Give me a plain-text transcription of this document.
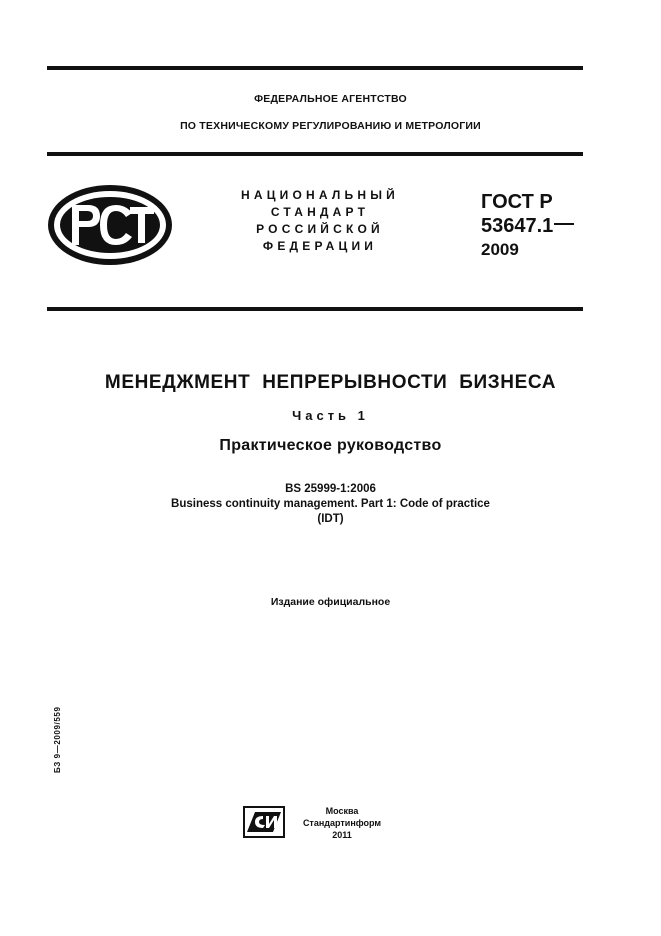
ФЕДЕРАЛЬНОЕ АГЕНТСТВО
ПО ТЕХНИЧЕСКОМУ РЕГУЛИРОВАНИЮ И МЕТРОЛОГИИ
НАЦИОНАЛЬНЫЙ
СТАНДАРТ
РОССИЙСКОЙ
ФЕДЕРАЦИИ
ГОСТ Р
53647.1
2009
МЕНЕДЖМЕНТ НЕПРЕРЫВНОСТИ БИЗНЕСА
Часть 1
Практическое руководство
BS 25999-1:2006
Business continuity management. Part 1: Code of practice
(IDT)
Издание официальное
БЗ 9—2009/559
Москва
Стандартинформ
2011
